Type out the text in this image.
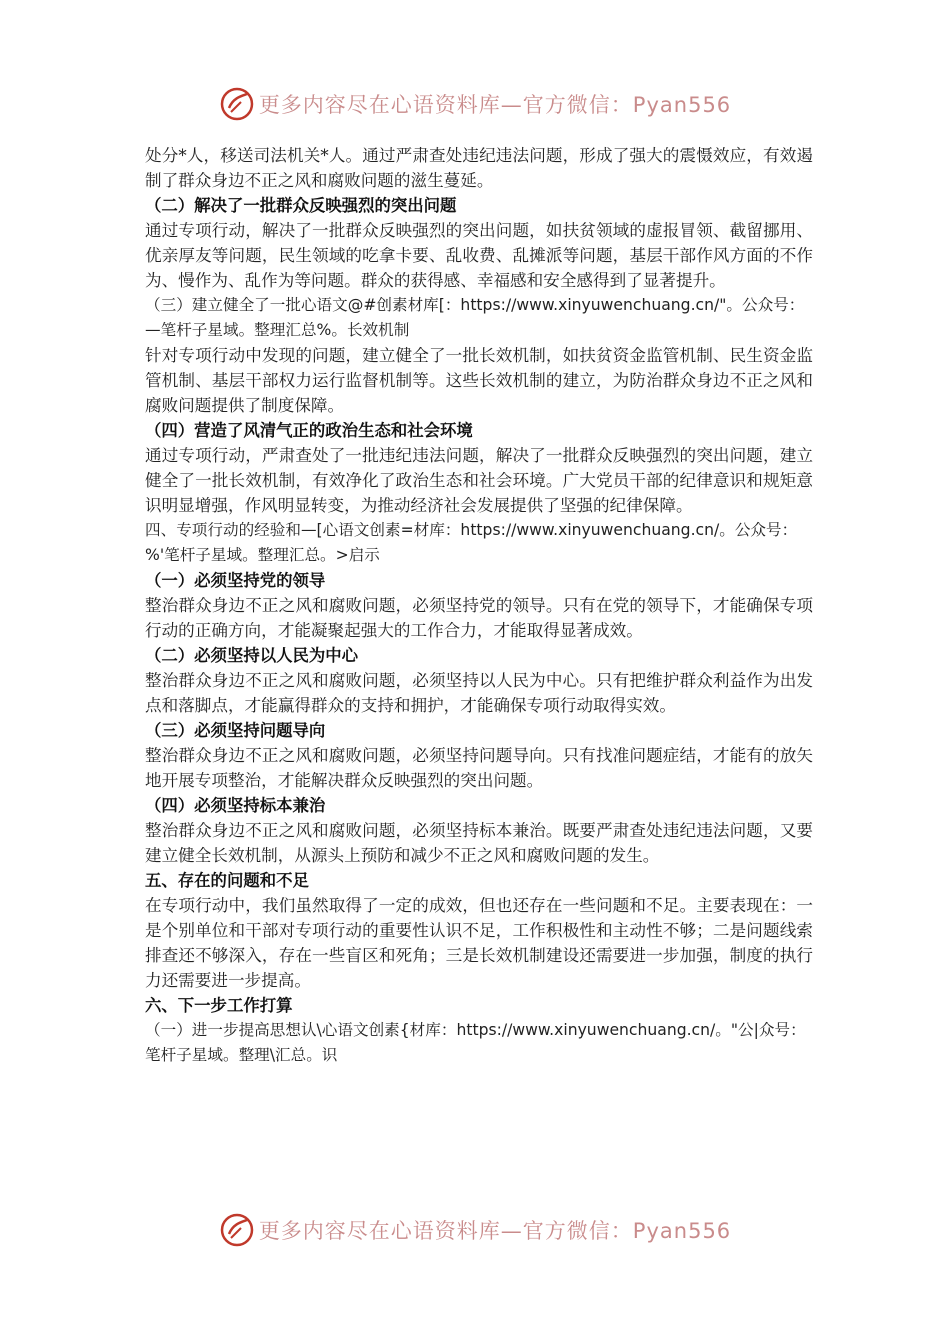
更多内容尽在心语资料库—官方微信：Pyan556

处分*人，移送司法机关*人。通过严肃查处违纪违法问题，形成了强大的震慑效应，有效遏制了群众身边不正之风和腐败问题的滋生蔓延。

（二）解决了一批群众反映强烈的突出问题

通过专项行动，解决了一批群众反映强烈的突出问题，如扶贫领域的虚报冒领、截留挪用、优亲厚友等问题，民生领域的吃拿卡要、乱收费、乱摊派等问题，基层干部作风方面的不作为、慢作为、乱作为等问题。群众的获得感、幸福感和安全感得到了显著提升。

（三）建立健全了一批心语文@#创素材库[：https://www.xinyuwenchuang.cn/"。公众号：—笔杆子星域。整理汇总%。长效机制

针对专项行动中发现的问题，建立健全了一批长效机制，如扶贫资金监管机制、民生资金监管机制、基层干部权力运行监督机制等。这些长效机制的建立，为防治群众身边不正之风和腐败问题提供了制度保障。

（四）营造了风清气正的政治生态和社会环境

通过专项行动，严肃查处了一批违纪违法问题，解决了一批群众反映强烈的突出问题，建立健全了一批长效机制，有效净化了政治生态和社会环境。广大党员干部的纪律意识和规矩意识明显增强，作风明显转变，为推动经济社会发展提供了坚强的纪律保障。

四、专项行动的经验和—[心语文创素=材库：https://www.xinyuwenchuang.cn/。公众号：%'笔杆子星域。整理汇总。>启示

（一）必须坚持党的领导

整治群众身边不正之风和腐败问题，必须坚持党的领导。只有在党的领导下，才能确保专项行动的正确方向，才能凝聚起强大的工作合力，才能取得显著成效。

（二）必须坚持以人民为中心

整治群众身边不正之风和腐败问题，必须坚持以人民为中心。只有把维护群众利益作为出发点和落脚点，才能赢得群众的支持和拥护，才能确保专项行动取得实效。

（三）必须坚持问题导向

整治群众身边不正之风和腐败问题，必须坚持问题导向。只有找准问题症结，才能有的放矢地开展专项整治，才能解决群众反映强烈的突出问题。

（四）必须坚持标本兼治

整治群众身边不正之风和腐败问题，必须坚持标本兼治。既要严肃查处违纪违法问题，又要建立健全长效机制，从源头上预防和减少不正之风和腐败问题的发生。

五、存在的问题和不足

在专项行动中，我们虽然取得了一定的成效，但也还存在一些问题和不足。主要表现在：一是个别单位和干部对专项行动的重要性认识不足，工作积极性和主动性不够；二是问题线索排查还不够深入，存在一些盲区和死角；三是长效机制建设还需要进一步加强，制度的执行力还需要进一步提高。

六、下一步工作打算

（一）进一步提高思想认\心语文创素{材库：https://www.xinyuwenchuang.cn/。"公|众号：笔杆子星域。整理\汇总。识

更多内容尽在心语资料库—官方微信：Pyan556
